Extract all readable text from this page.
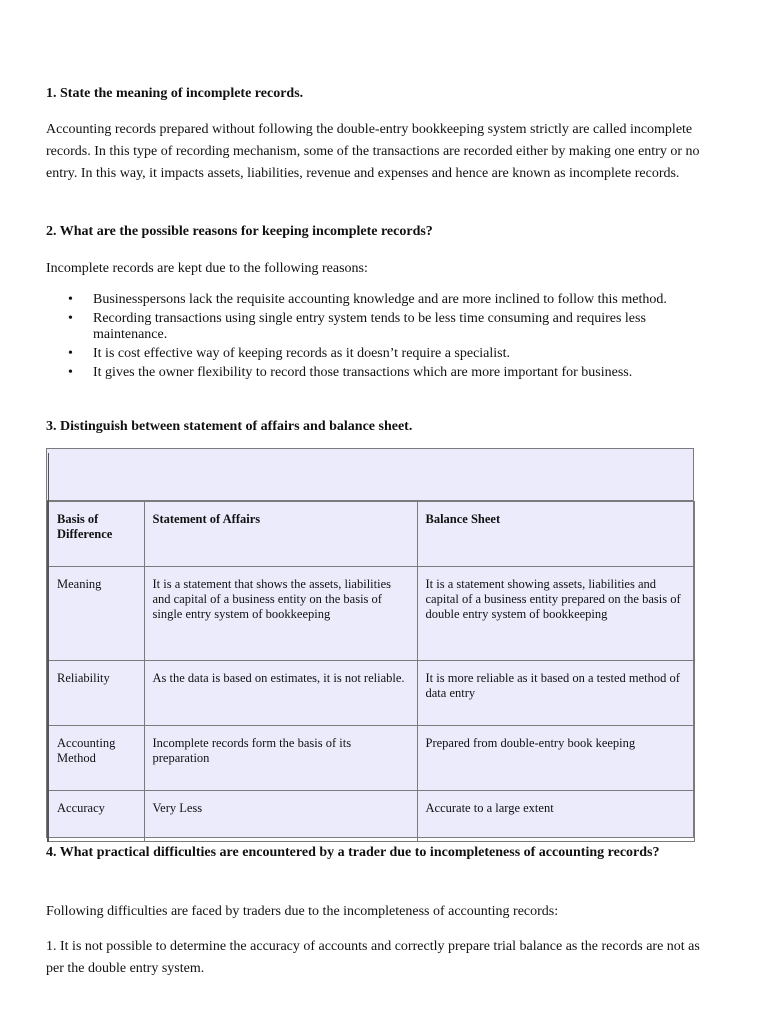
1. State the meaning of incomplete records.

Accounting records prepared without following the double-entry bookkeeping system strictly are called incomplete records. In this type of recording mechanism, some of the transactions are recorded either by making one entry or no entry. In this way, it impacts assets, liabilities, revenue and expenses and hence are known as incomplete records.

2. What are the possible reasons for keeping incomplete records?

Incomplete records are kept due to the following reasons:

• Businesspersons lack the requisite accounting knowledge and are more inclined to follow this method.
• Recording transactions using single entry system tends to be less time consuming and requires less maintenance.
• It is cost effective way of keeping records as it doesn’t require a specialist.
• It gives the owner flexibility to record those transactions which are more important for business.

3. Distinguish between statement of affairs and balance sheet.

Basis of Difference	Statement of Affairs	Balance Sheet
Meaning	It is a statement that shows the assets, liabilities and capital of a business entity on the basis of single entry system of bookkeeping	It is a statement showing assets, liabilities and capital of a business entity prepared on the basis of double entry system of bookkeeping
Reliability	As the data is based on estimates, it is not reliable.	It is more reliable as it based on a tested method of data entry
Accounting Method	Incomplete records form the basis of its preparation	Prepared from double-entry book keeping
Accuracy	Very Less	Accurate to a large extent

4. What practical difficulties are encountered by a trader due to incompleteness of accounting records?

Following difficulties are faced by traders due to the incompleteness of accounting records:

1. It is not possible to determine the accuracy of accounts and correctly prepare trial balance as the records are not as per the double entry system.
